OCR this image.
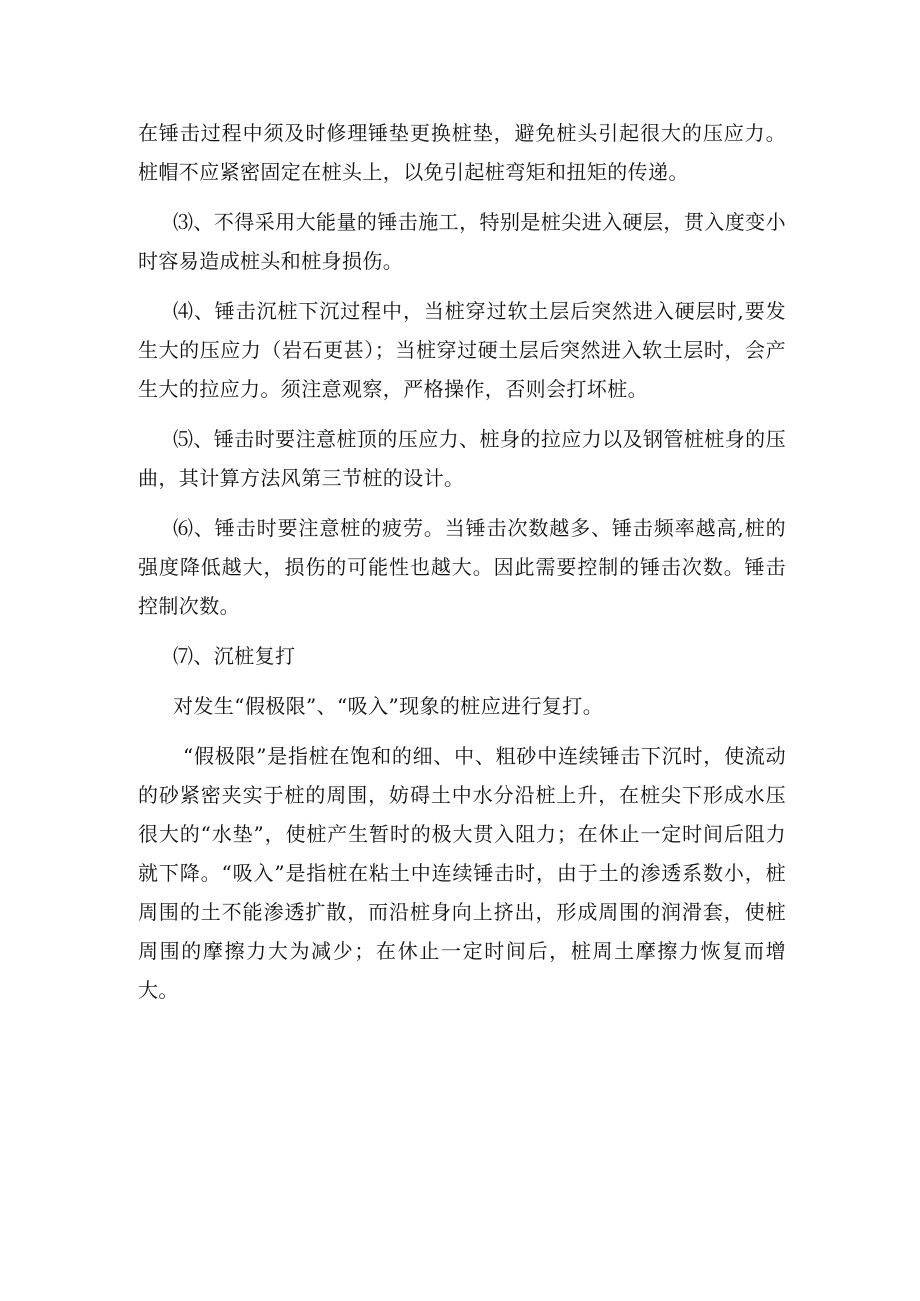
在锤击过程中须及时修理锤垫更换桩垫，避免桩头引起很大的压应力。桩帽不应紧密固定在桩头上，以免引起桩弯矩和扭矩的传递。

⑶、不得采用大能量的锤击施工，特别是桩尖进入硬层，贯入度变小时容易造成桩头和桩身损伤。

⑷、锤击沉桩下沉过程中，当桩穿过软土层后突然进入硬层时,要发生大的压应力（岩石更甚）；当桩穿过硬土层后突然进入软土层时，会产生大的拉应力。须注意观察，严格操作，否则会打坏桩。

⑸、锤击时要注意桩顶的压应力、桩身的拉应力以及钢管桩桩身的压曲，其计算方法风第三节桩的设计。

⑹、锤击时要注意桩的疲劳。当锤击次数越多、锤击频率越高,桩的强度降低越大，损伤的可能性也越大。因此需要控制的锤击次数。锤击控制次数。

⑺、沉桩复打

对发生“假极限”、“吸入”现象的桩应进行复打。

“假极限”是指桩在饱和的细、中、粗砂中连续锤击下沉时，使流动的砂紧密夹实于桩的周围，妨碍土中水分沿桩上升，在桩尖下形成水压很大的“水垫”，使桩产生暂时的极大贯入阻力；在休止一定时间后阻力就下降。“吸入”是指桩在粘土中连续锤击时，由于土的渗透系数小，桩周围的土不能渗透扩散，而沿桩身向上挤出，形成周围的润滑套，使桩周围的摩擦力大为减少；在休止一定时间后，桩周土摩擦力恢复而增大。
